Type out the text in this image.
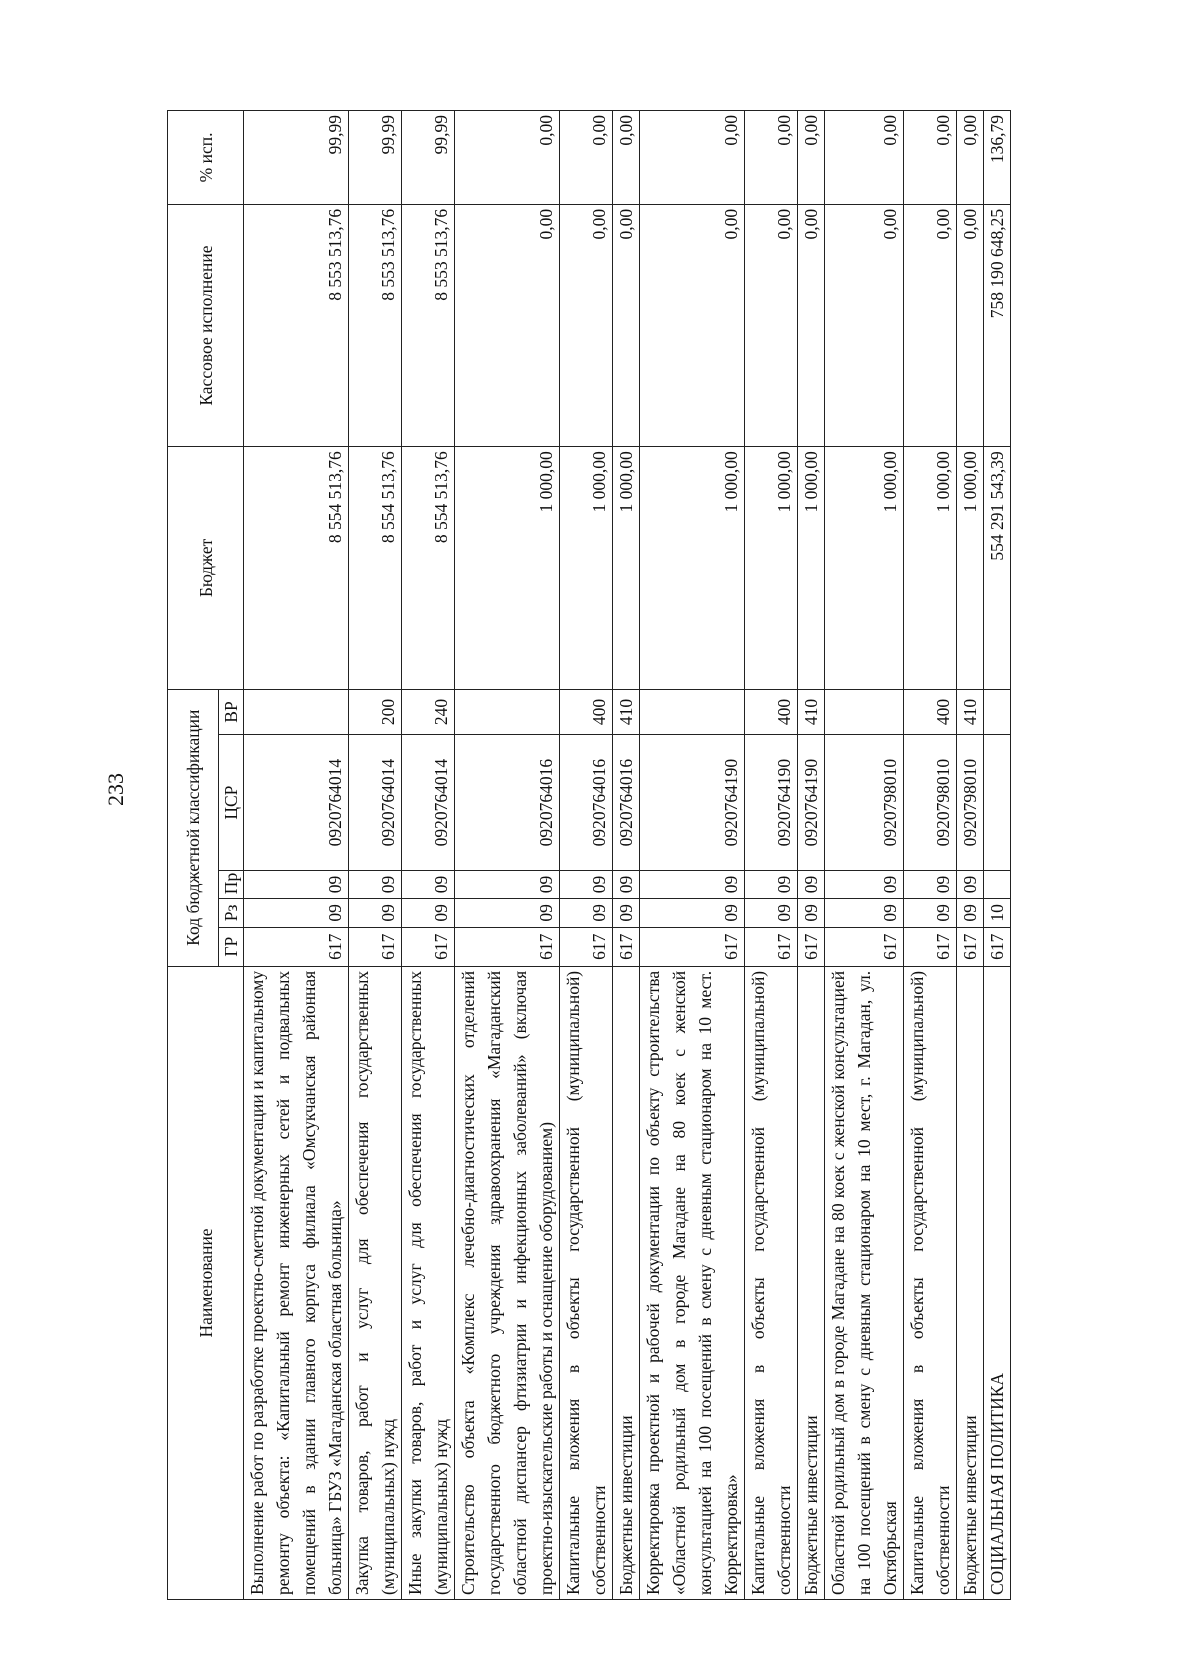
233
Наименование	Код бюджетной классификации					Бюджет	Кассовое исполнение	% исп.
	ГР	Рз	Пр	ЦСР	ВР			
Выполнение работ по разработке проектно-сметной документации и капитальному ремонту объекта: «Капитальный ремонт инженерных сетей и подвальных помещений в здании главного корпуса филиала «Омсукчанская районная больница» ГБУЗ «Магаданская областная больница»	617	09	09	0920764014		8 554 513,76	8 553 513,76	99,99
Закупка товаров, работ и услуг для обеспечения государственных (муниципальных) нужд	617	09	09	0920764014	200	8 554 513,76	8 553 513,76	99,99
Иные закупки товаров, работ и услуг для обеспечения государственных (муниципальных) нужд	617	09	09	0920764014	240	8 554 513,76	8 553 513,76	99,99
Строительство объекта «Комплекс лечебно-диагностических отделений государственного бюджетного учреждения здравоохранения «Магаданский областной диспансер фтизиатрии и инфекционных заболеваний» (включая проектно-изыскательские работы и оснащение оборудованием)	617	09	09	0920764016		1 000,00	0,00	0,00
Капитальные вложения в объекты государственной (муниципальной) собственности	617	09	09	0920764016	400	1 000,00	0,00	0,00
Бюджетные инвестиции	617	09	09	0920764016	410	1 000,00	0,00	0,00
Корректировка проектной и рабочей документации по объекту строительства «Областной родильный дом в городе Магадане на 80 коек с женской консультацией на 100 посещений в смену с дневным стационаром на 10 мест. Корректировка»	617	09	09	0920764190		1 000,00	0,00	0,00
Капитальные вложения в объекты государственной (муниципальной) собственности	617	09	09	0920764190	400	1 000,00	0,00	0,00
Бюджетные инвестиции	617	09	09	0920764190	410	1 000,00	0,00	0,00
Областной родильный дом в городе Магадане на 80 коек с женской консультацией на 100 посещений в смену с дневным стационаром на 10 мест, г. Магадан, ул. Октябрьская	617	09	09	0920798010		1 000,00	0,00	0,00
Капитальные вложения в объекты государственной (муниципальной) собственности	617	09	09	0920798010	400	1 000,00	0,00	0,00
Бюджетные инвестиции	617	09	09	0920798010	410	1 000,00	0,00	0,00
СОЦИАЛЬНАЯ ПОЛИТИКА	617	10				554 291 543,39	758 190 648,25	136,79
